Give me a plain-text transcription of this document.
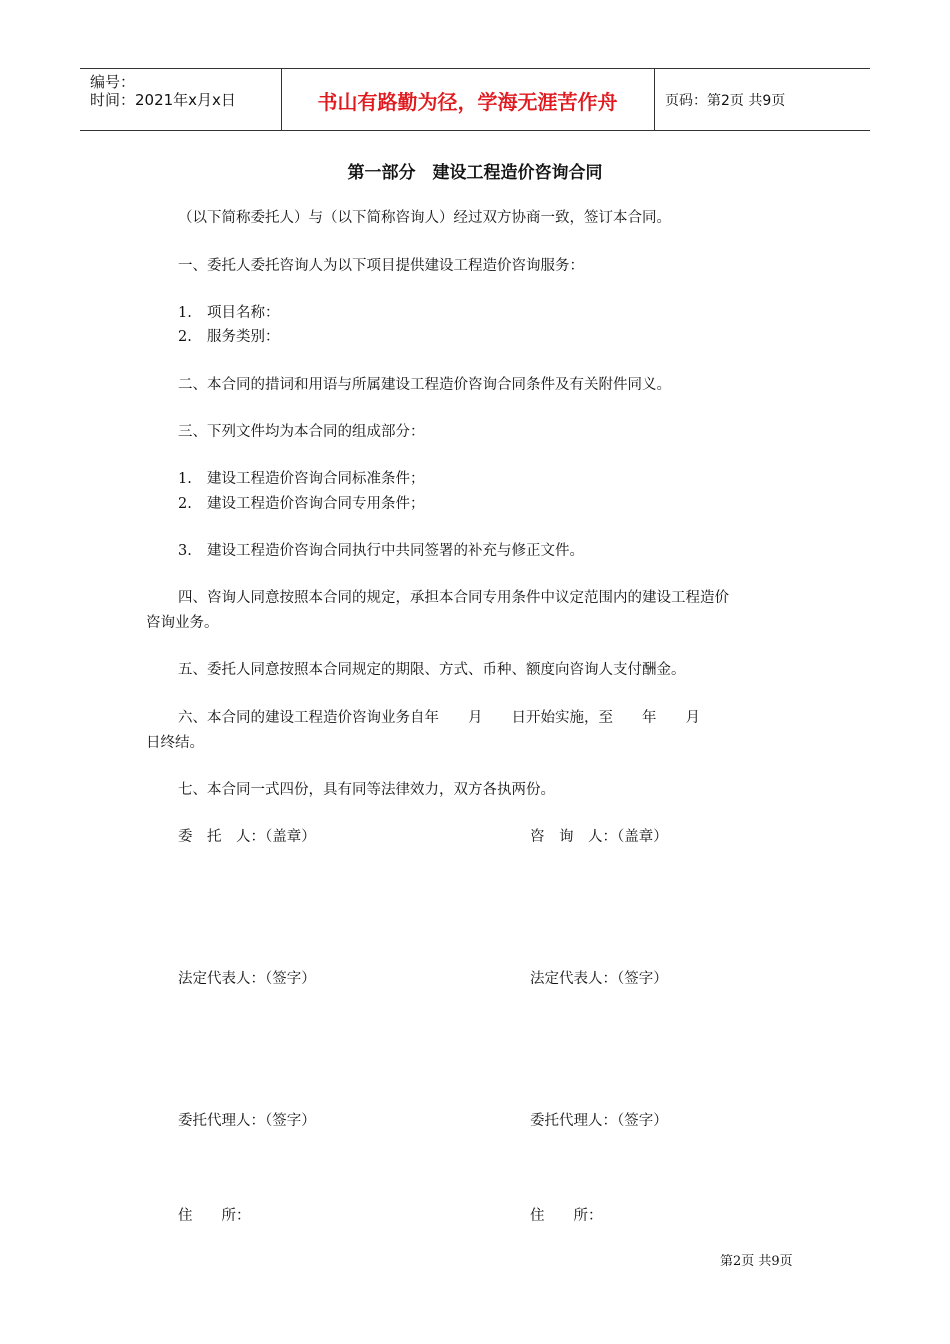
编号：
时间：2021年x月x日	书山有路勤为径，学海无涯苦作舟	页码：第2页 共9页
第一部分　建设工程造价咨询合同
（以下简称委托人）与（以下简称咨询人）经过双方协商一致，签订本合同。
一、委托人委托咨询人为以下项目提供建设工程造价咨询服务：
1. 项目名称：
2. 服务类别：
二、本合同的措词和用语与所属建设工程造价咨询合同条件及有关附件同义。
三、下列文件均为本合同的组成部分：
1. 建设工程造价咨询合同标准条件；
2. 建设工程造价咨询合同专用条件；
3. 建设工程造价咨询合同执行中共同签署的补充与修正文件。
四、咨询人同意按照本合同的规定，承担本合同专用条件中议定范围内的建设工程造价
咨询业务。
五、委托人同意按照本合同规定的期限、方式、币种、额度向咨询人支付酬金。
六、本合同的建设工程造价咨询业务自年　　月　　日开始实施，至　　年　　月
日终结。
七、本合同一式四份，具有同等法律效力，双方各执两份。
委　托　人：（盖章）	咨　询　人：（盖章）
法定代表人：（签字）	法定代表人：（签字）
委托代理人：（签字）	委托代理人：（签字）
住　　所：	住　　所：
第2页 共9页
